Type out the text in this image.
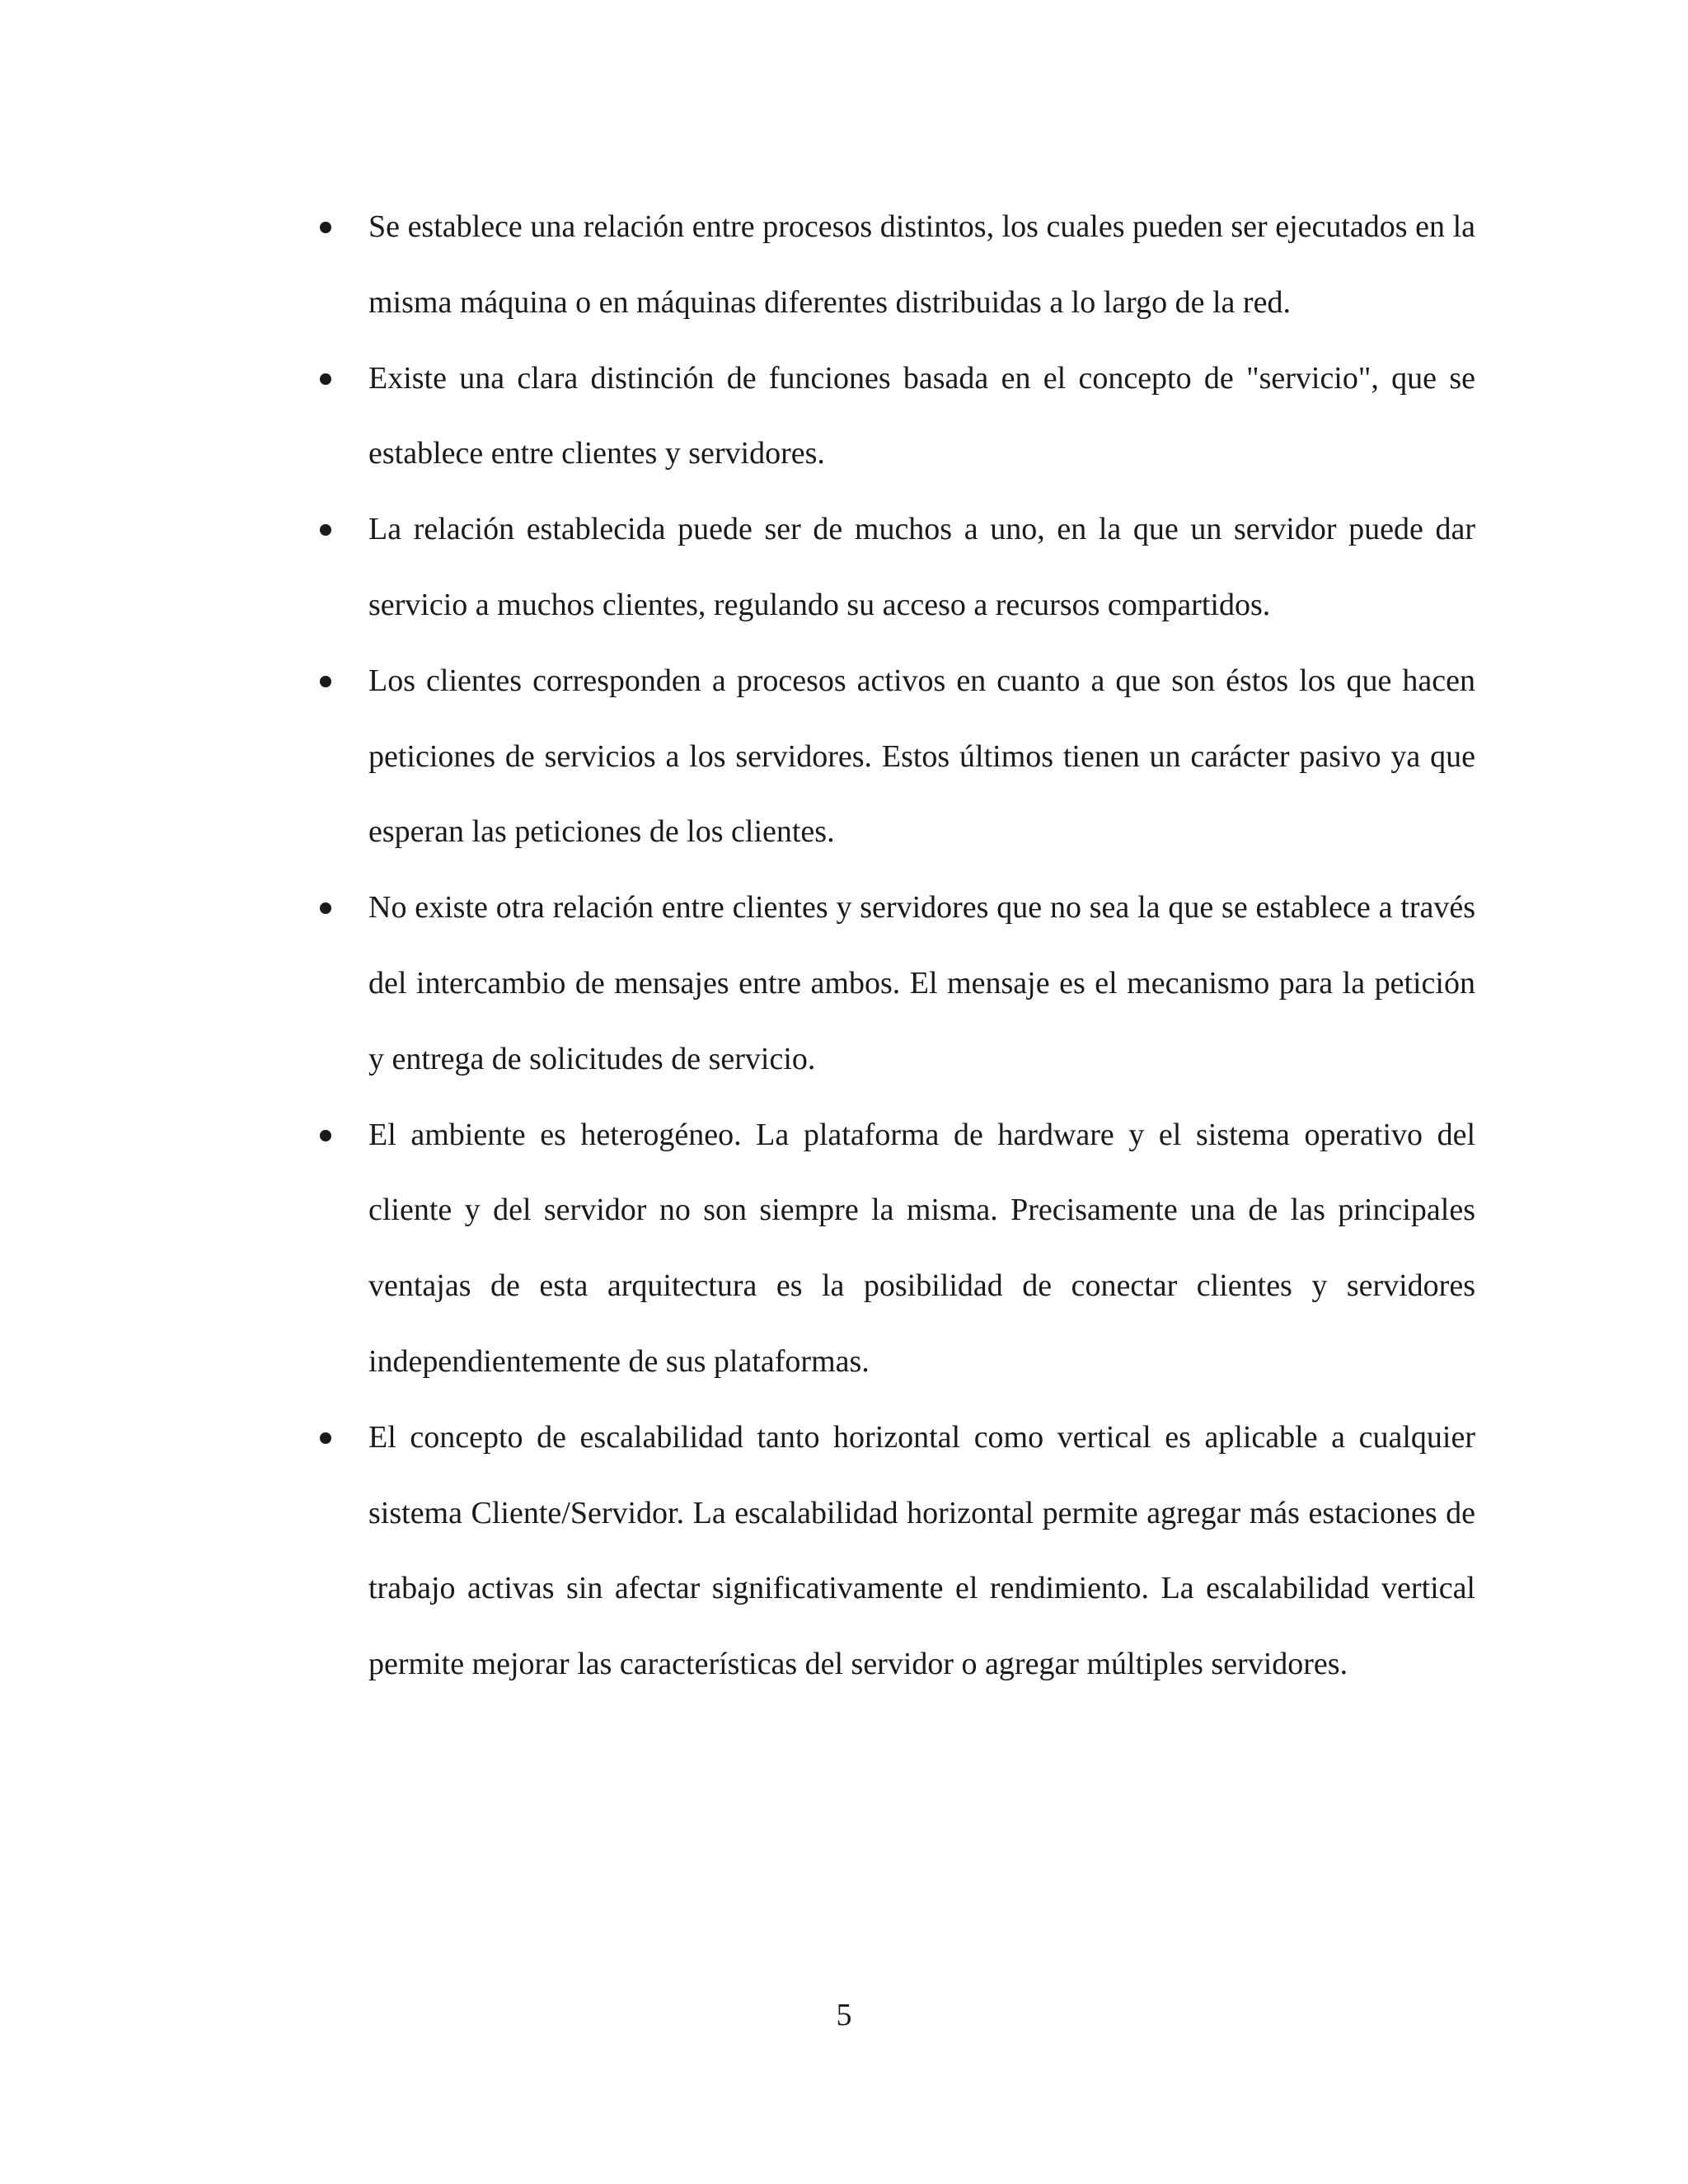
Se establece una relación entre procesos distintos, los cuales pueden ser ejecutados en la misma máquina o en máquinas diferentes distribuidas a lo largo de la red.
Existe una clara distinción de funciones basada en el concepto de "servicio", que se establece entre clientes y servidores.
La relación establecida puede ser de muchos a uno, en la que un servidor puede dar servicio a muchos clientes, regulando su acceso a recursos compartidos.
Los clientes corresponden a procesos activos en cuanto a que son éstos los que hacen peticiones de servicios a los servidores. Estos últimos tienen un carácter pasivo ya que esperan las peticiones de los clientes.
No existe otra relación entre clientes y servidores que no sea la que se establece a través del intercambio de mensajes entre ambos. El mensaje es el mecanismo para la petición y entrega de solicitudes de servicio.
El ambiente es heterogéneo. La plataforma de hardware y el sistema operativo del cliente y del servidor no son siempre la misma. Precisamente una de las principales ventajas de esta arquitectura es la posibilidad de conectar clientes y servidores independientemente de sus plataformas.
El concepto de escalabilidad tanto horizontal como vertical es aplicable a cualquier sistema Cliente/Servidor. La escalabilidad horizontal permite agregar más estaciones de trabajo activas sin afectar significativamente el rendimiento. La escalabilidad vertical permite mejorar las características del servidor o agregar múltiples servidores.
5
